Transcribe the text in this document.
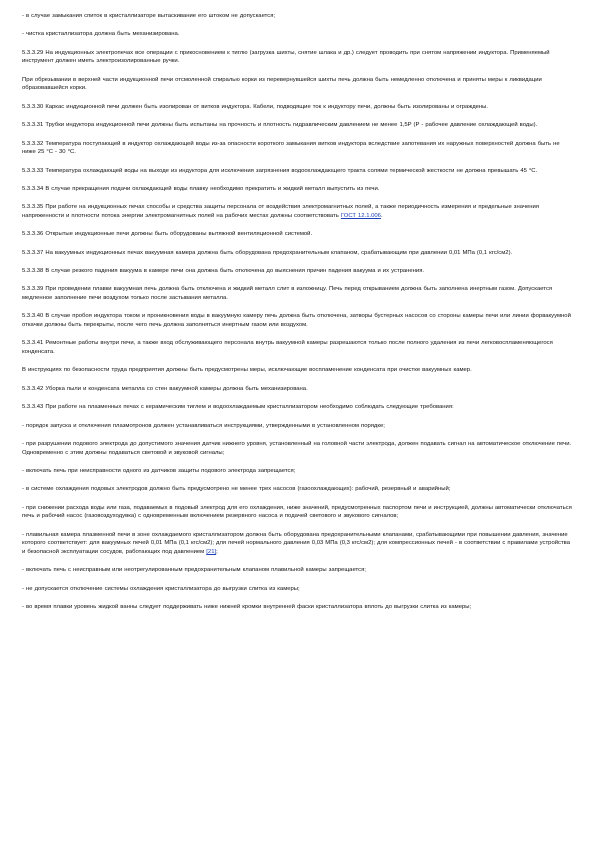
- в случае замыкания спиток в кристаллизаторе вытаскивание его штоком не допускается;

- чистка кристаллизатора должна быть механизирована.

5.3.3.29 На индукционных электропечах все операции с прикосновением к тиглю (загрузка шихты, снятие шлака и др.) следует проводить при снятом напряжении индуктора. Применяемый инструмент должен иметь электроизолированные ручки.

При обрезывании в верхней части индукционной печи отсмоленной спиралью корки из перевернувшейся шихты печь должна быть немедленно отключена и приняты меры к ликвидации образовавшейся корки.

5.3.3.30 Каркас индукционной печи должен быть изолирован от витков индуктора. Кабели, подводящие ток к индуктору печи, должны быть изолированы и ограждены.

5.3.3.31 Трубки индуктора индукционной печи должны быть испытаны на прочность и плотность гидравлическим давлением не менее 1,5P (P - рабочее давление охлаждающей воды).

5.3.3.32 Температура поступающей в индуктор охлаждающей воды из-за опасности короткого замыкания витков индуктора вследствие запотевания их наружных поверхностей должна быть не ниже 25 °С - 30 °С.

5.3.3.33 Температура охлаждающей воды на выходе из индуктора для исключения загрязнения водоохлаждающего тракта солями термической жесткости не должна превышать 45 °С.

5.3.3.34 В случае прекращения подачи охлаждающей воды плавку необходимо прекратить и жидкий металл выпустить из печи.

5.3.3.35 При работе на индукционных печах способы и средства защиты персонала от воздействия электромагнитных полей, а также периодичность измерения и предельные значения напряженности и плотности потока энергии электромагнитных полей на рабочих местах должны соответствовать ГОСТ 12.1.006.

5.3.3.36 Открытые индукционные печи должны быть оборудованы вытяжной вентиляционной системой.

5.3.3.37 На вакуумных индукционных печах вакуумная камера должна быть оборудована предохранительным клапаном, срабатывающим при давлении 0,01 МПа (0,1 кгс/см2).

5.3.3.38 В случае резкого падения вакуума в камере печи она должна быть отключена до выяснения причин падения вакуума и их устранения.

5.3.3.39 При проведении плавки вакуумная печь должна быть отключена и жидкий металл слит в изложницу. Печь перед открыванием должна быть заполнена инертным газом. Допускается медленное заполнение печи воздухом только после застывания металла.

5.3.3.40 В случае пробоя индуктора током и проникновения воды в вакуумную камеру печь должна быть отключена, затворы бустерных насосов со стороны камеры печи или линии форвакуумной откачки должны быть перекрыты, после чего печь должна заполняться инертным газом или воздухом.

5.3.3.41 Ремонтные работы внутри печи, а также вход обслуживающего персонала внутрь вакуумной камеры разрешаются только после полного удаления из печи легковоспламеняющегося конденсата.

В инструкциях по безопасности труда предприятия должны быть предусмотрены меры, исключающие воспламенение конденсата при очистке вакуумных камер.

5.3.3.42 Уборка пыли и конденсата металла со стен вакуумной камеры должна быть механизирована.

5.3.3.43 При работе на плазменных печах с керамическим тиглем и водоохлаждаемым кристаллизатором необходимо соблюдать следующие требования:

- порядок запуска и отключения плазмотронов должен устанавливаться инструкциями, утвержденными в установленном порядке;

- при разрушении подового электрода до допустимого значения датчик нижнего уровня, установленный на головной части электрода, должен подавать сигнал на автоматическое отключение печи. Одновременно с этим должны подаваться световой и звуковой сигналы;

- включать печь при неисправности одного из датчиков защиты подового электрода запрещается;

- в системе охлаждения подовых электродов должно быть предусмотрено не менее трех насосов (газоохлаждающих): рабочий, резервный и аварийный;

- при снижении расхода воды или газа, подаваемых в подовый электрод для его охлаждения, ниже значений, предусмотренных паспортом печи и инструкцией, должны автоматически отключаться печь и рабочий насос (газовоздуходувка) с одновременным включением резервного насоса и подачей светового и звукового сигналов;

- плавильная камера плазменной печи в зоне охлаждаемого кристаллизатором должна быть оборудована предохранительными клапанами, срабатывающими при повышении давления, значение которого соответствует: для вакуумных печей 0,01 МПа (0,1 кгс/см2); для печей нормального давления 0,03 МПа (0,3 кгс/см2); для компрессионных печей - в соответствии с правилами устройства и безопасной эксплуатации сосудов, работающих под давлением [21];

- включать печь с неисправным или неотрегулированным предохранительным клапаном плавильной камеры запрещается;

- не допускается отключение системы охлаждения кристаллизатора до выгрузки слитка из камеры;

- во время плавки уровень жидкой ванны следует поддерживать ниже нижней кромки внутренней фаски кристаллизатора вплоть до выгрузки слитка из камеры;
